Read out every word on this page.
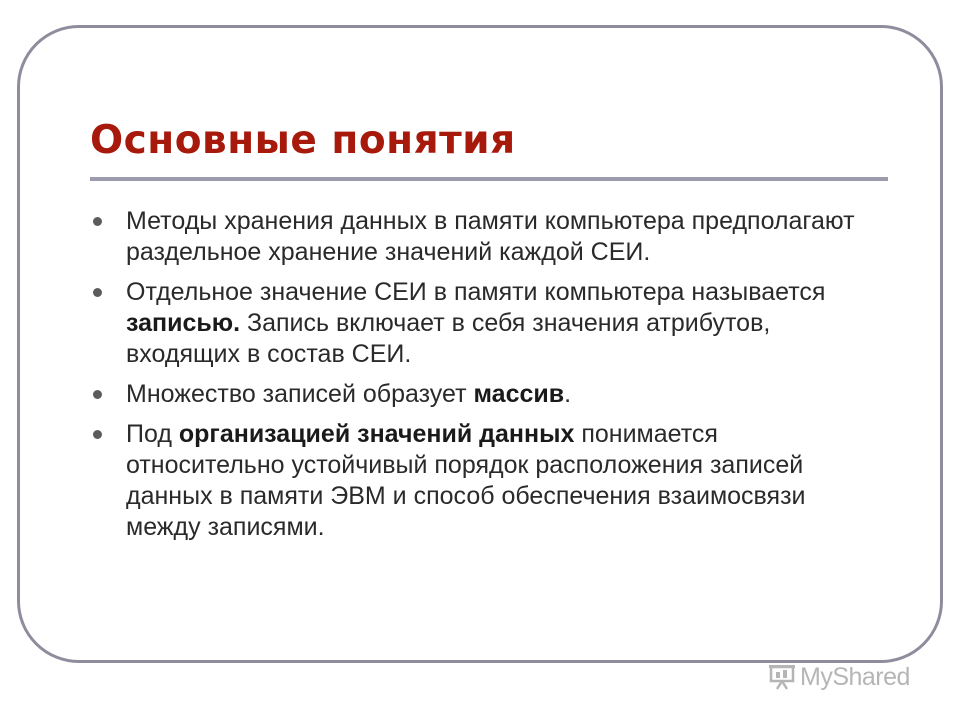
Основные понятия
Методы хранения данных в памяти компьютера предполагают раздельное хранение значений каждой СЕИ.
Отдельное значение СЕИ в памяти компьютера называется записью. Запись включает в себя значения атрибутов, входящих в состав СЕИ.
Множество записей образует массив.
Под организацией значений данных понимается относительно устойчивый порядок расположения записей данных в памяти ЭВМ и способ обеспечения взаимосвязи между записями.
MyShared
